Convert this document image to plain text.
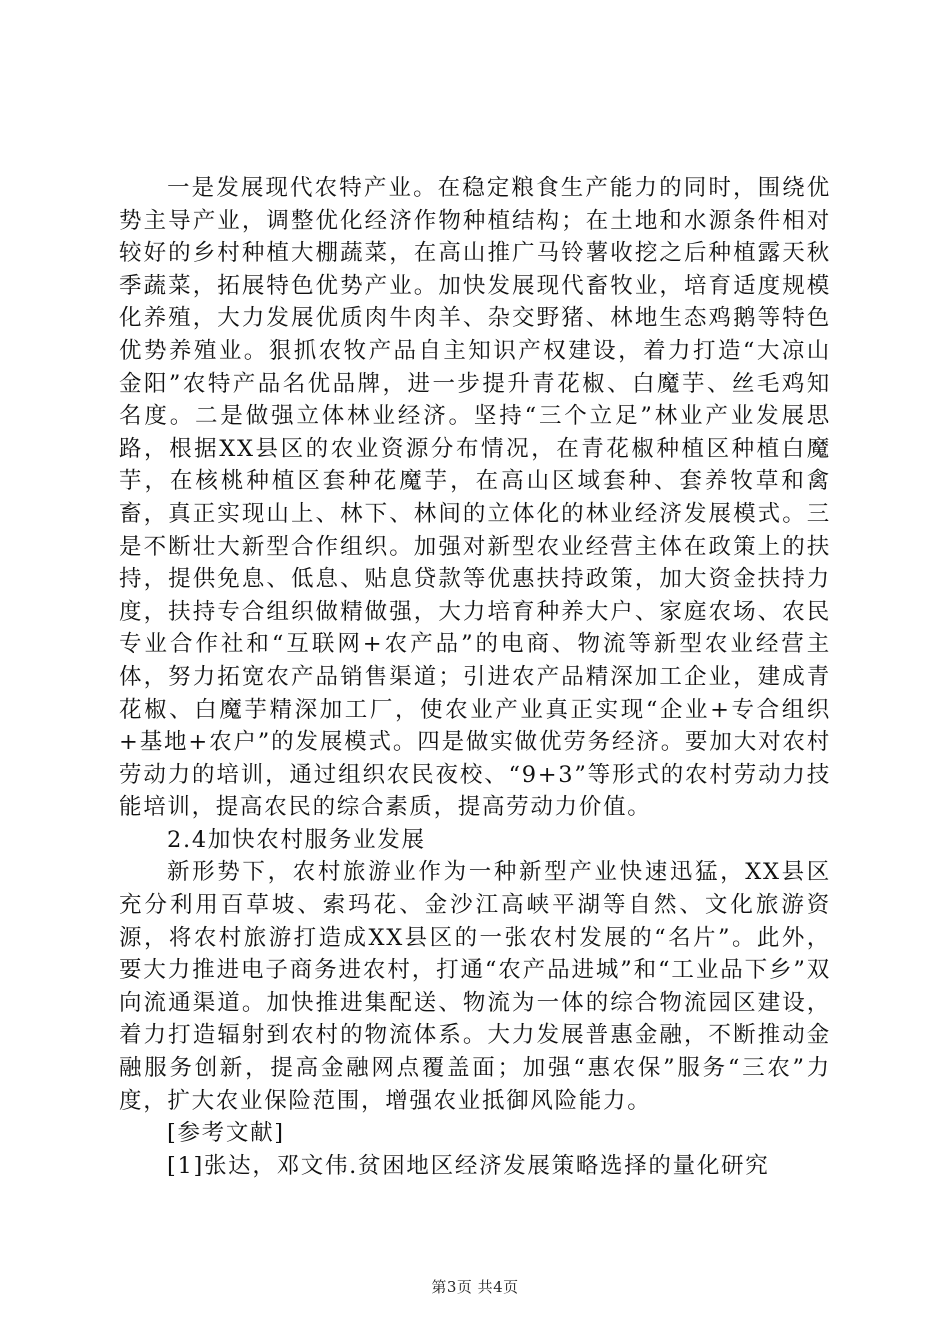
一是发展现代农特产业。在稳定粮食生产能力的同时，围绕优势主导产业，调整优化经济作物种植结构；在土地和水源条件相对较好的乡村种植大棚蔬菜，在高山推广马铃薯收挖之后种植露天秋季蔬菜，拓展特色优势产业。加快发展现代畜牧业，培育适度规模化养殖，大力发展优质肉牛肉羊、杂交野猪、林地生态鸡鹅等特色优势养殖业。狠抓农牧产品自主知识产权建设，着力打造“大凉山金阳”农特产品名优品牌，进一步提升青花椒、白魔芋、丝毛鸡知名度。二是做强立体林业经济。坚持“三个立足”林业产业发展思路，根据XX县区的农业资源分布情况，在青花椒种植区种植白魔芋，在核桃种植区套种花魔芋，在高山区域套种、套养牧草和禽畜，真正实现山上、林下、林间的立体化的林业经济发展模式。三是不断壮大新型合作组织。加强对新型农业经营主体在政策上的扶持，提供免息、低息、贴息贷款等优惠扶持政策，加大资金扶持力度，扶持专合组织做精做强，大力培育种养大户、家庭农场、农民专业合作社和“互联网+农产品”的电商、物流等新型农业经营主体，努力拓宽农产品销售渠道；引进农产品精深加工企业，建成青花椒、白魔芋精深加工厂，使农业产业真正实现“企业+专合组织+基地+农户”的发展模式。四是做实做优劳务经济。要加大对农村劳动力的培训，通过组织农民夜校、“9+3”等形式的农村劳动力技能培训，提高农民的综合素质，提高劳动力价值。

2.4加快农村服务业发展

新形势下，农村旅游业作为一种新型产业快速迅猛，XX县区充分利用百草坡、索玛花、金沙江高峡平湖等自然、文化旅游资源，将农村旅游打造成XX县区的一张农村发展的“名片”。此外，要大力推进电子商务进农村，打通“农产品进城”和“工业品下乡”双向流通渠道。加快推进集配送、物流为一体的综合物流园区建设，着力打造辐射到农村的物流体系。大力发展普惠金融，不断推动金融服务创新，提高金融网点覆盖面；加强“惠农保”服务“三农”力度，扩大农业保险范围，增强农业抵御风险能力。

[参考文献]

[1]张达，邓文伟.贫困地区经济发展策略选择的量化研究

第3页 共4页
